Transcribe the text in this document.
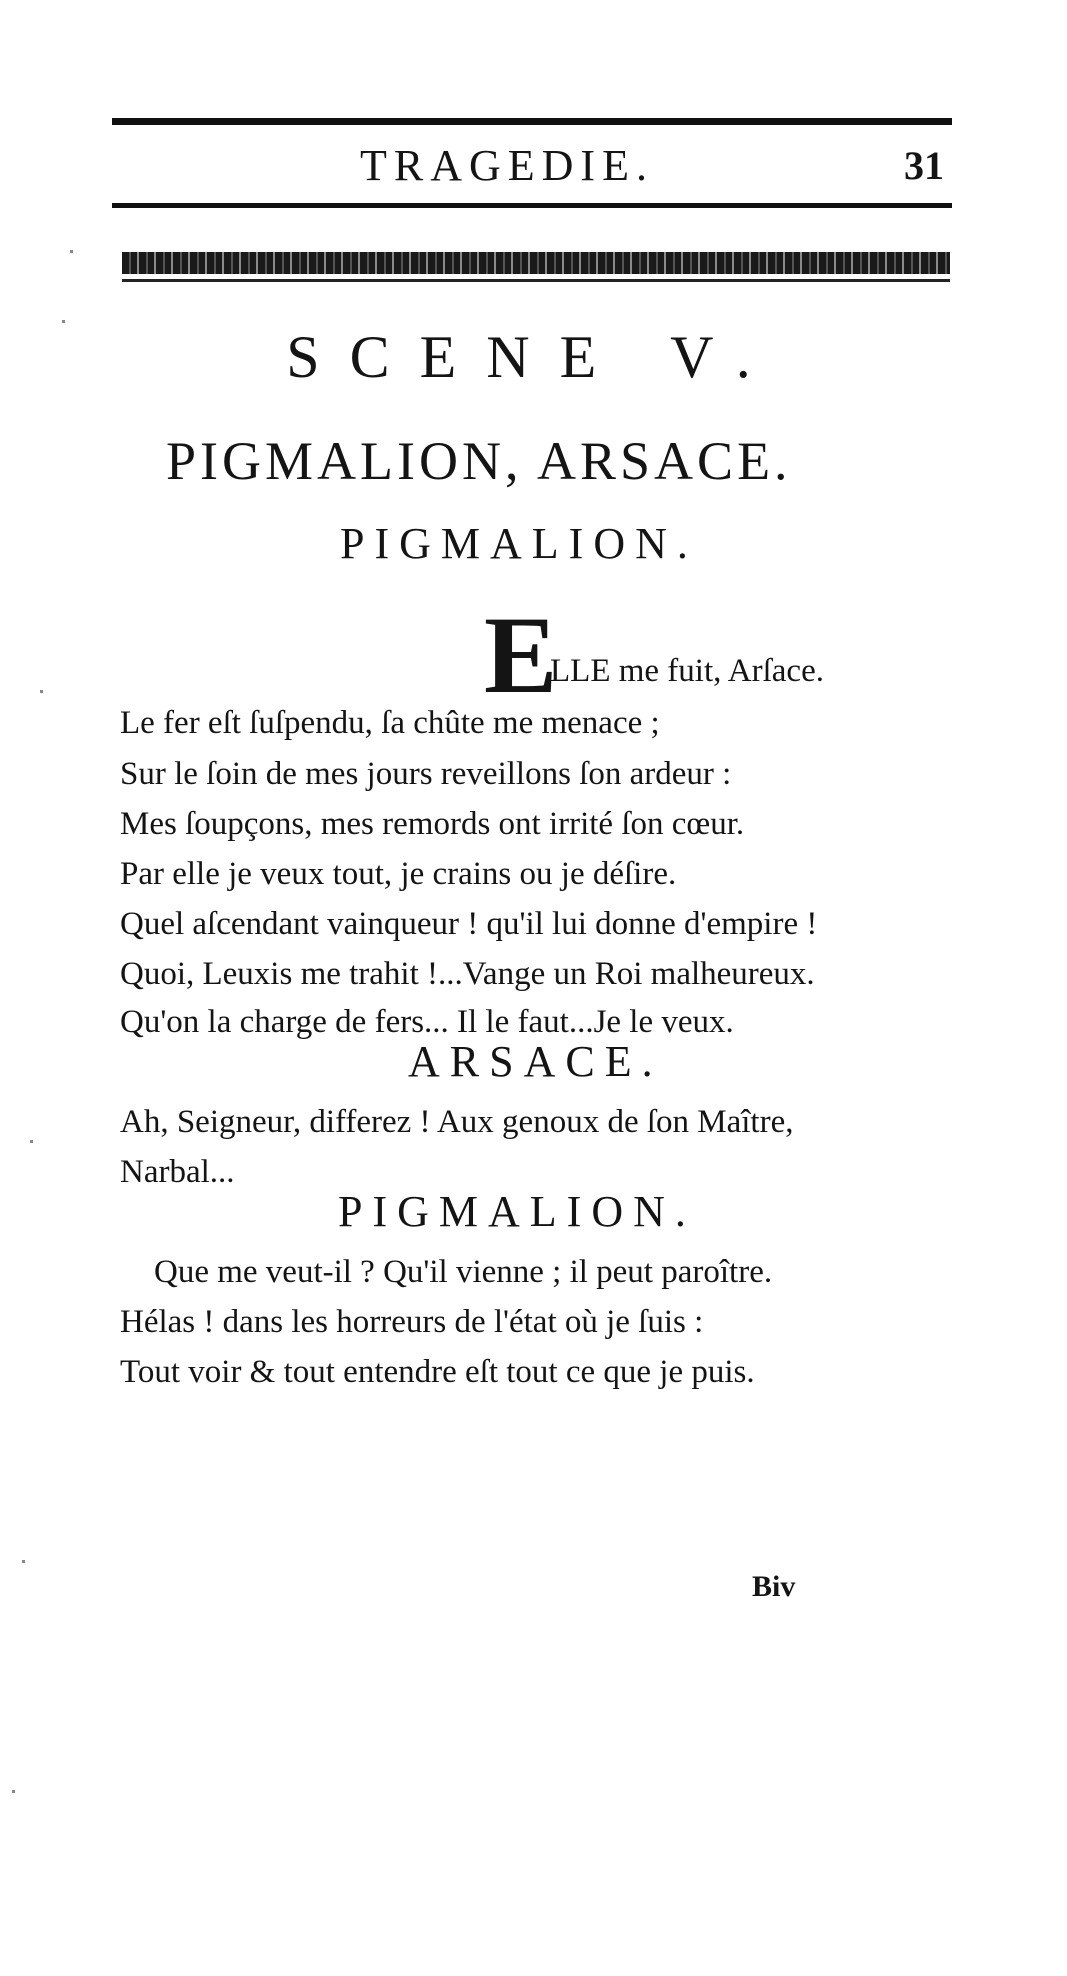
TRAGEDIE.	31
SCENE V.
PIGMALION, ARSACE.
PIGMALION.
E
LLE me fuit, Arſace.
Le fer eſt ſuſpendu, ſa chûte me menace ;
Sur le ſoin de mes jours reveillons ſon ardeur :
Mes ſoupçons, mes remords ont irrité ſon cœur.
Par elle je veux tout, je crains ou je déſire.
Quel aſcendant vainqueur ! qu'il lui donne d'empire !
Quoi, Leuxis me trahit !...Vange un Roi malheureux.
Qu'on la charge de fers... Il le faut...Je le veux.
ARSACE.
Ah, Seigneur, differez ! Aux genoux de ſon Maître,
Narbal...
PIGMALION.
Que me veut-il ? Qu'il vienne ; il peut paroître.
Hélas ! dans les horreurs de l'état où je ſuis :
Tout voir & tout entendre eſt tout ce que je puis.
Biv
